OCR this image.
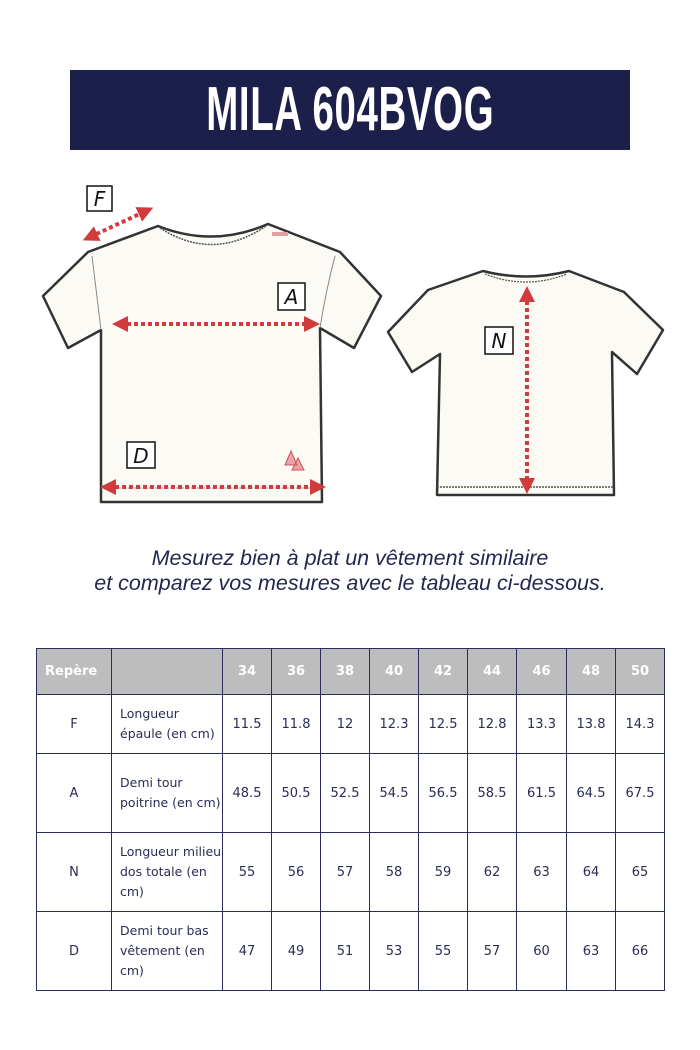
MILA 604BVOG
F
A
D
N
Mesurez bien à plat un vêtement similaire
et comparez vos mesures avec le tableau ci-dessous.
Repère		34	36	38	40	42	44	46	48	50
F	Longueur épaule (en cm)	11.5	11.8	12	12.3	12.5	12.8	13.3	13.8	14.3
A	Demi tour poitrine (en cm)	48.5	50.5	52.5	54.5	56.5	58.5	61.5	64.5	67.5
N	Longueur milieu dos totale (en cm)	55	56	57	58	59	62	63	64	65
D	Demi tour bas vêtement (en cm)	47	49	51	53	55	57	60	63	66
